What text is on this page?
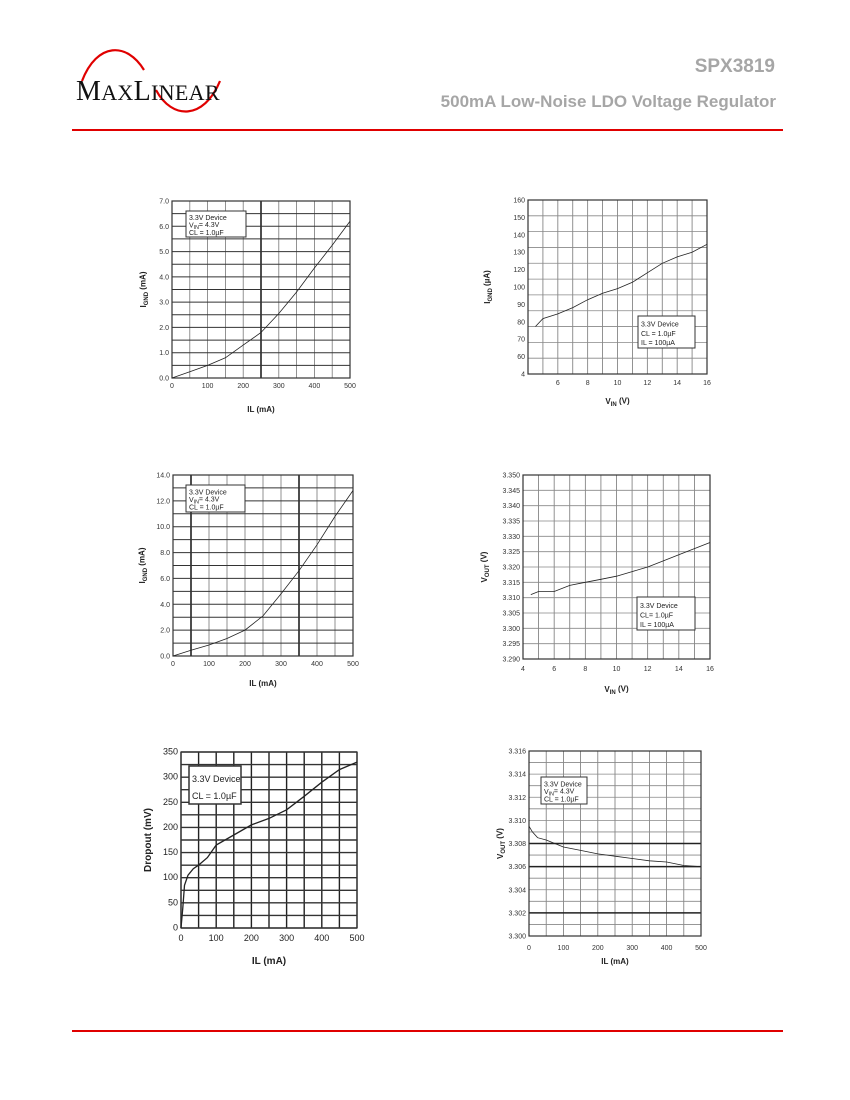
MAXLINEAR
SPX3819
500mA Low-Noise LDO Voltage Regulator
0	100	200	300	400	500
0.0
1.0
2.0
3.0
4.0
5.0
6.0
7.0
IL (mA)
$I_{GND}$ (mA)
3.3V Device
$V_{IN}= 4.3V$
CL = 1.0µF
6	8	10	12	14	16
4
60
70
80
90
100
120
130
140
150
160
$V_{IN}$ (V)
$I_{GND}$ (µA)
3.3V Device
CL = 1.0µF
IL = 100µA
0	100	200	300	400	500
0.0
2.0
4.0
6.0
8.0
10.0
12.0
14.0
IL (mA)
$I_{GND}$ (mA)
3.3V Device
$V_{IN}= 4.3V$
CL = 1.0µF
4	6	8	10	12	14	16
3.290
3.295
3.300
3.305
3.310
3.315
3.320
3.325
3.330
3.335
3.340
3.345
3.350
$V_{IN}$ (V)
$V_{OUT}$ (V)
3.3V Device
CL= 1.0µF
IL = 100µA
0	100 200 300 400 500
0
50
100
150
200
250
300
350
IL (mA)
Dropout (mV)
3.3V Device
CL = 1.0µF
0	100	200	300	400	500
3.300
3.302
3.304
3.306
3.308
3.310
3.312
3.314
3.316
IL (mA)
$V_{OUT}$ (V)
3.3V Device
$V_{IN}= 4.3V$
CL = 1.0µF
